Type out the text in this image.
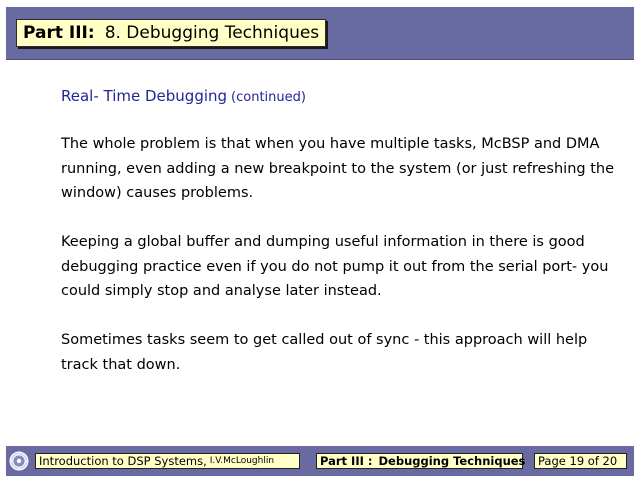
Part III: 8. Debugging Techniques
Real- Time Debugging (continued)

The whole problem is that when you have multiple tasks, McBSP and DMA running, even adding a new breakpoint to the system (or just refreshing the window) causes problems.

Keeping a global buffer and dumping useful information in there is good debugging practice even if you do not pump it out from the serial port- you could simply stop and analyse later instead.

Sometimes tasks seem to get called out of sync - this approach will help track that down.

Introduction to DSP Systems, I.V.McLoughlin	Part III : Debugging Techniques Page 19 of 20
